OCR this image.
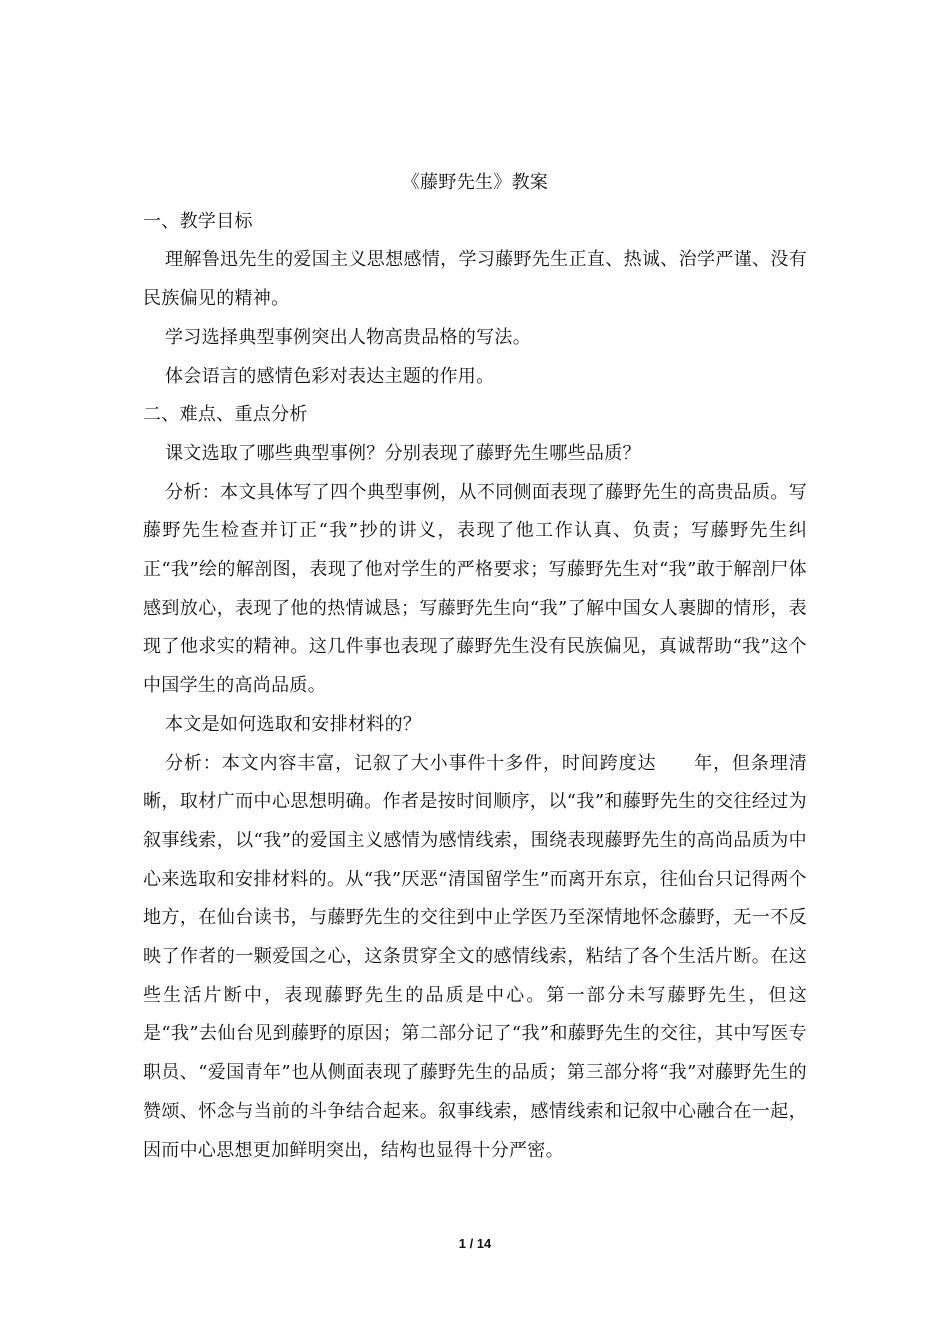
《藤野先生》教案

一、教学目标

理解鲁迅先生的爱国主义思想感情，学习藤野先生正直、热诚、治学严谨、没有民族偏见的精神。

学习选择典型事例突出人物高贵品格的写法。

体会语言的感情色彩对表达主题的作用。

二、难点、重点分析

课文选取了哪些典型事例？分别表现了藤野先生哪些品质？

分析：本文具体写了四个典型事例，从不同侧面表现了藤野先生的高贵品质。写藤野先生检查并订正“我”抄的讲义，表现了他工作认真、负责；写藤野先生纠正“我”绘的解剖图，表现了他对学生的严格要求；写藤野先生对“我”敢于解剖尸体感到放心，表现了他的热情诚恳；写藤野先生向“我”了解中国女人裹脚的情形，表现了他求实的精神。这几件事也表现了藤野先生没有民族偏见，真诚帮助“我”这个中国学生的高尚品质。

本文是如何选取和安排材料的？

分析：本文内容丰富，记叙了大小事件十多件，时间跨度达　　年，但条理清晰，取材广而中心思想明确。作者是按时间顺序，以“我”和藤野先生的交往经过为叙事线索，以“我”的爱国主义感情为感情线索，围绕表现藤野先生的高尚品质为中心来选取和安排材料的。从“我”厌恶“清国留学生”而离开东京，往仙台只记得两个地方，在仙台读书，与藤野先生的交往到中止学医乃至深情地怀念藤野，无一不反映了作者的一颗爱国之心，这条贯穿全文的感情线索，粘结了各个生活片断。在这些生活片断中，表现藤野先生的品质是中心。第一部分未写藤野先生，但这是“我”去仙台见到藤野的原因；第二部分记了“我”和藤野先生的交往，其中写医专职员、“爱国青年”也从侧面表现了藤野先生的品质；第三部分将“我”对藤野先生的赞颂、怀念与当前的斗争结合起来。叙事线索，感情线索和记叙中心融合在一起，因而中心思想更加鲜明突出，结构也显得十分严密。

1 / 14
